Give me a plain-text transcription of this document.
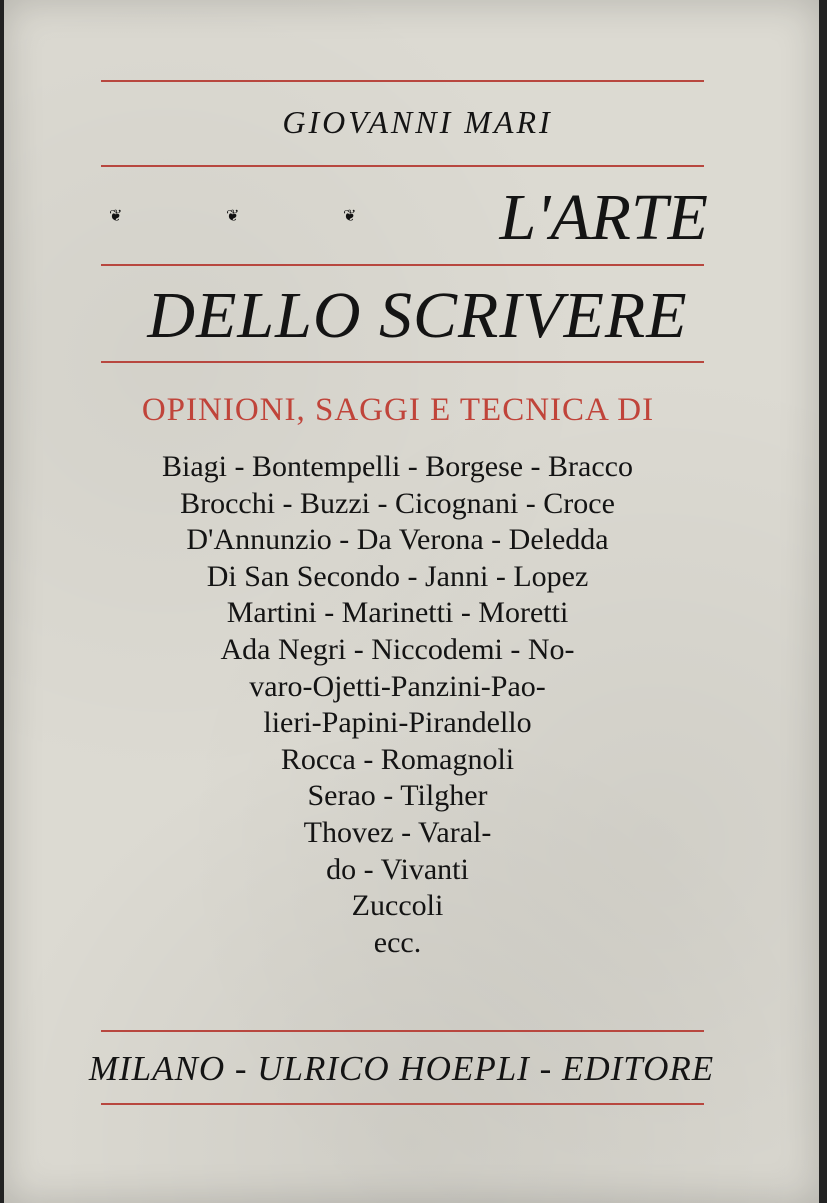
GIOVANNI MARI
❦	❦	❦	L'ARTE
DELLO SCRIVERE
OPINIONI, SAGGI E TECNICA DI
Biagi - Bontempelli - Borgese - Bracco
Brocchi - Buzzi - Cicognani - Croce
D'Annunzio - Da Verona - Deledda
Di San Secondo - Janni - Lopez
Martini - Marinetti - Moretti
Ada Negri - Niccodemi - No-
varo-Ojetti-Panzini-Pao-
lieri-Papini-Pirandello
Rocca - Romagnoli
Serao - Tilgher
Thovez - Varal-
do - Vivanti
Zuccoli
ecc.
MILANO - ULRICO HOEPLI - EDITORE
